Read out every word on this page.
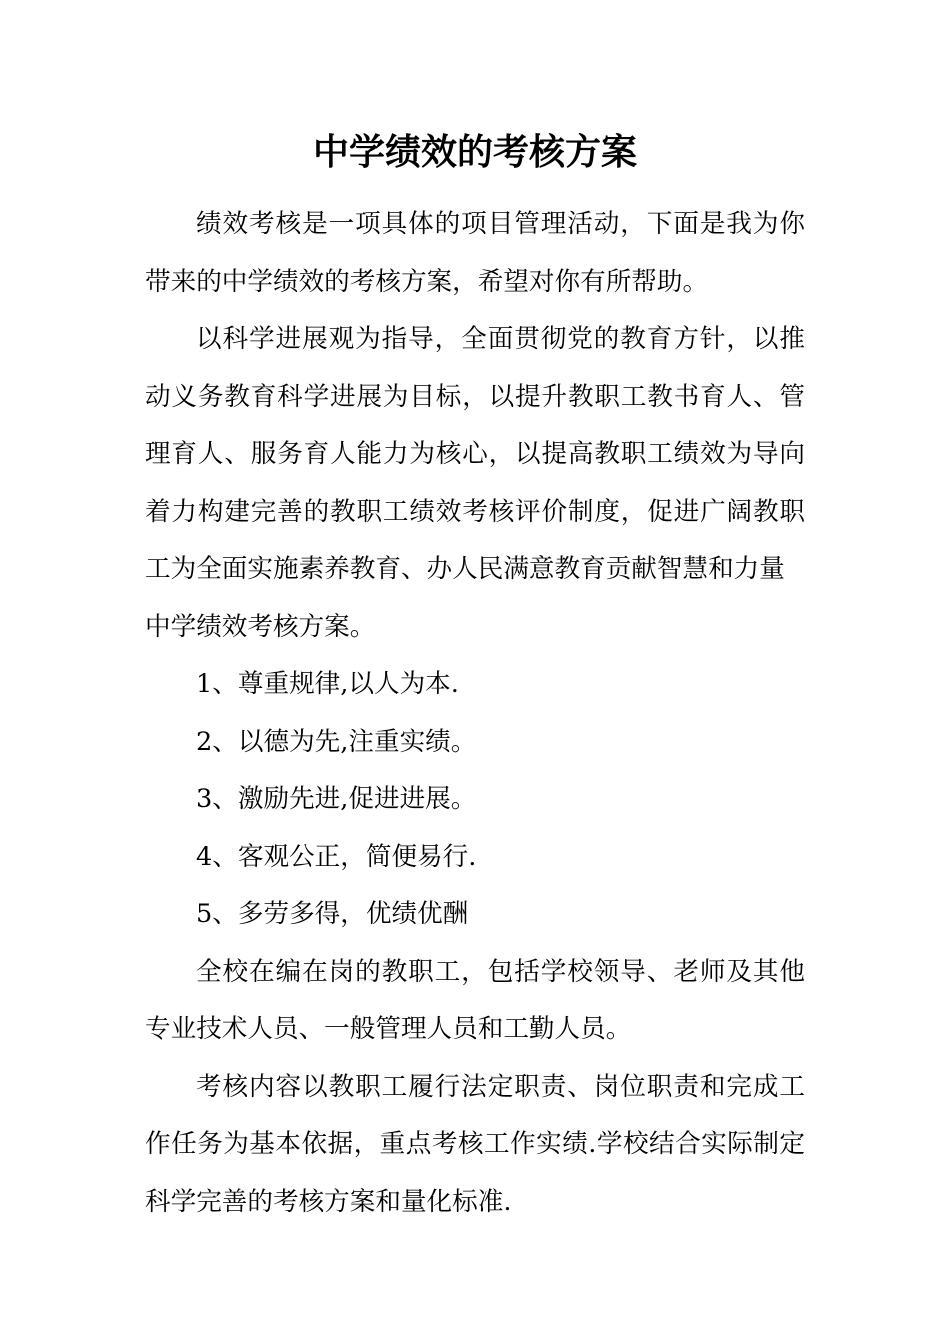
中学绩效的考核方案

绩效考核是一项具体的项目管理活动，下面是我为你带来的中学绩效的考核方案，希望对你有所帮助。

以科学进展观为指导，全面贯彻党的教育方针，以推动义务教育科学进展为目标，以提升教职工教书育人、管理育人、服务育人能力为核心，以提高教职工绩效为导向着力构建完善的教职工绩效考核评价制度，促进广阔教职工为全面实施素养教育、办人民满意教育贡献智慧和力量

中学绩效考核方案。

1、尊重规律,以人为本.

2、以德为先,注重实绩。

3、激励先进,促进进展。

4、客观公正，简便易行.

5、多劳多得，优绩优酬

全校在编在岗的教职工，包括学校领导、老师及其他专业技术人员、一般管理人员和工勤人员。

考核内容以教职工履行法定职责、岗位职责和完成工作任务为基本依据，重点考核工作实绩.学校结合实际制定科学完善的考核方案和量化标准.
